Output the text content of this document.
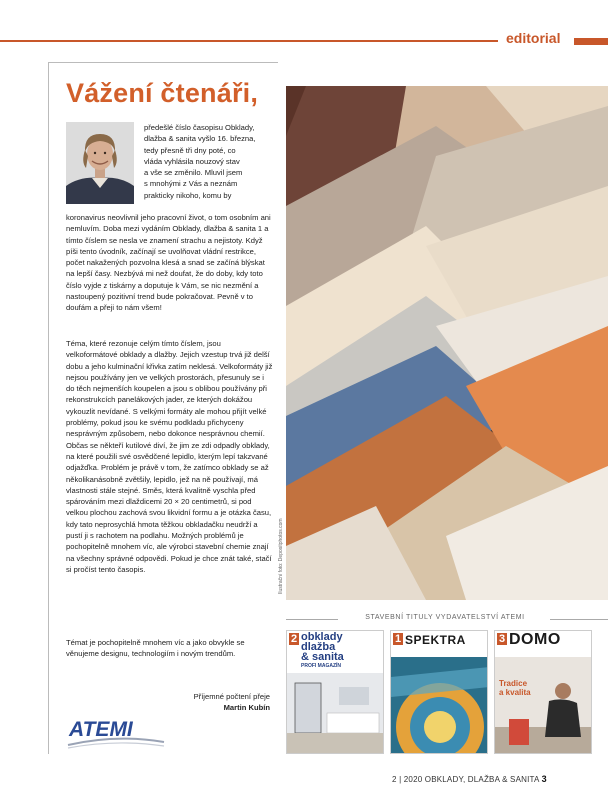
editorial
Vážení čtenáři,

předešlé číslo časopisu Obklady,

dlažba & sanita vyšlo 16. března,

tedy přesně tři dny poté, co

vláda vyhlásila nouzový stav

a vše se změnilo. Mluvil jsem

s mnohými z Vás a neznám

prakticky nikoho, komu by

koronavirus neovlivnil jeho pracovní život, o tom osobním ani nemluvím. Doba mezi vydáním Obklady, dlažba & sanita 1 a tímto číslem se nesla ve znamení strachu a nejistoty. Když píši tento úvodník, začínají se uvolňovat vládní restrikce, počet nakažených pozvolna klesá a snad se začíná blýskat na lepší časy. Nezbývá mi než doufat, že do doby, kdy toto číslo vyjde z tiskárny a doputuje k Vám, se nic nezmění a nastoupený pozitivní trend bude pokračovat. Pevně v to doufám a přeji to nám všem!
Téma, které rezonuje celým tímto číslem, jsou velkoformátové obklady a dlažby. Jejich vzestup trvá již delší dobu a jeho kulminační křivka zatím neklesá. Velkoformáty již nejsou používány jen ve velkých prostorách, přesunuly se i do těch nejmenších koupelen a jsou s oblibou používány při rekonstrukcích panelákových jader, ze kterých dokážou vykouzlit nevídané. S velkými formáty ale mohou přijít velké problémy, pokud jsou ke svému podkladu přichyceny nesprávným způsobem, nebo dokonce nesprávnou chemií. Občas se někteří kutilové diví, že jim ze zdi odpadly obklady, na které použili své osvědčené lepidlo, kterým lepí takzvané odjažďka. Problém je právě v tom, že zatímco obklady se až několikanásobně zvětšily, lepidlo, jež na ně používají, má vlastnosti stále stejné. Směs, která kvalitně vyschla před spárováním mezi dlaždicemi 20 × 20 centimetrů, si pod velkou plochou zachová svou likvidní formu a je otázka času, kdy tato neprosychlá hmota těžkou obkladačku neudrží a pustí ji s rachotem na podlahu. Možných problémů je pochopitelně mnohem víc, ale výrobci stavební chemie znají na všechny správné odpovědi. Pokud je chce znát také, stačí si pročíst tento časopis.
Témat je pochopitelně mnohem víc a jako obvykle se věnujeme designu, technologiím i novým trendům.
Příjemné počtení přeje
Martin Kubín
ATEMI
Ilustrační foto: Depositphotos.com
STAVEBNÍ TITULY VYDAVATELSTVÍ ATEMI
2 obklady
dlažba
& sanita
PROFI MAGAZÍN
1 SPEKTRA	3 DOMO
Tradice
a kvalita
2 | 2020 OBKLADY, DLAŽBA & SANITA 3
